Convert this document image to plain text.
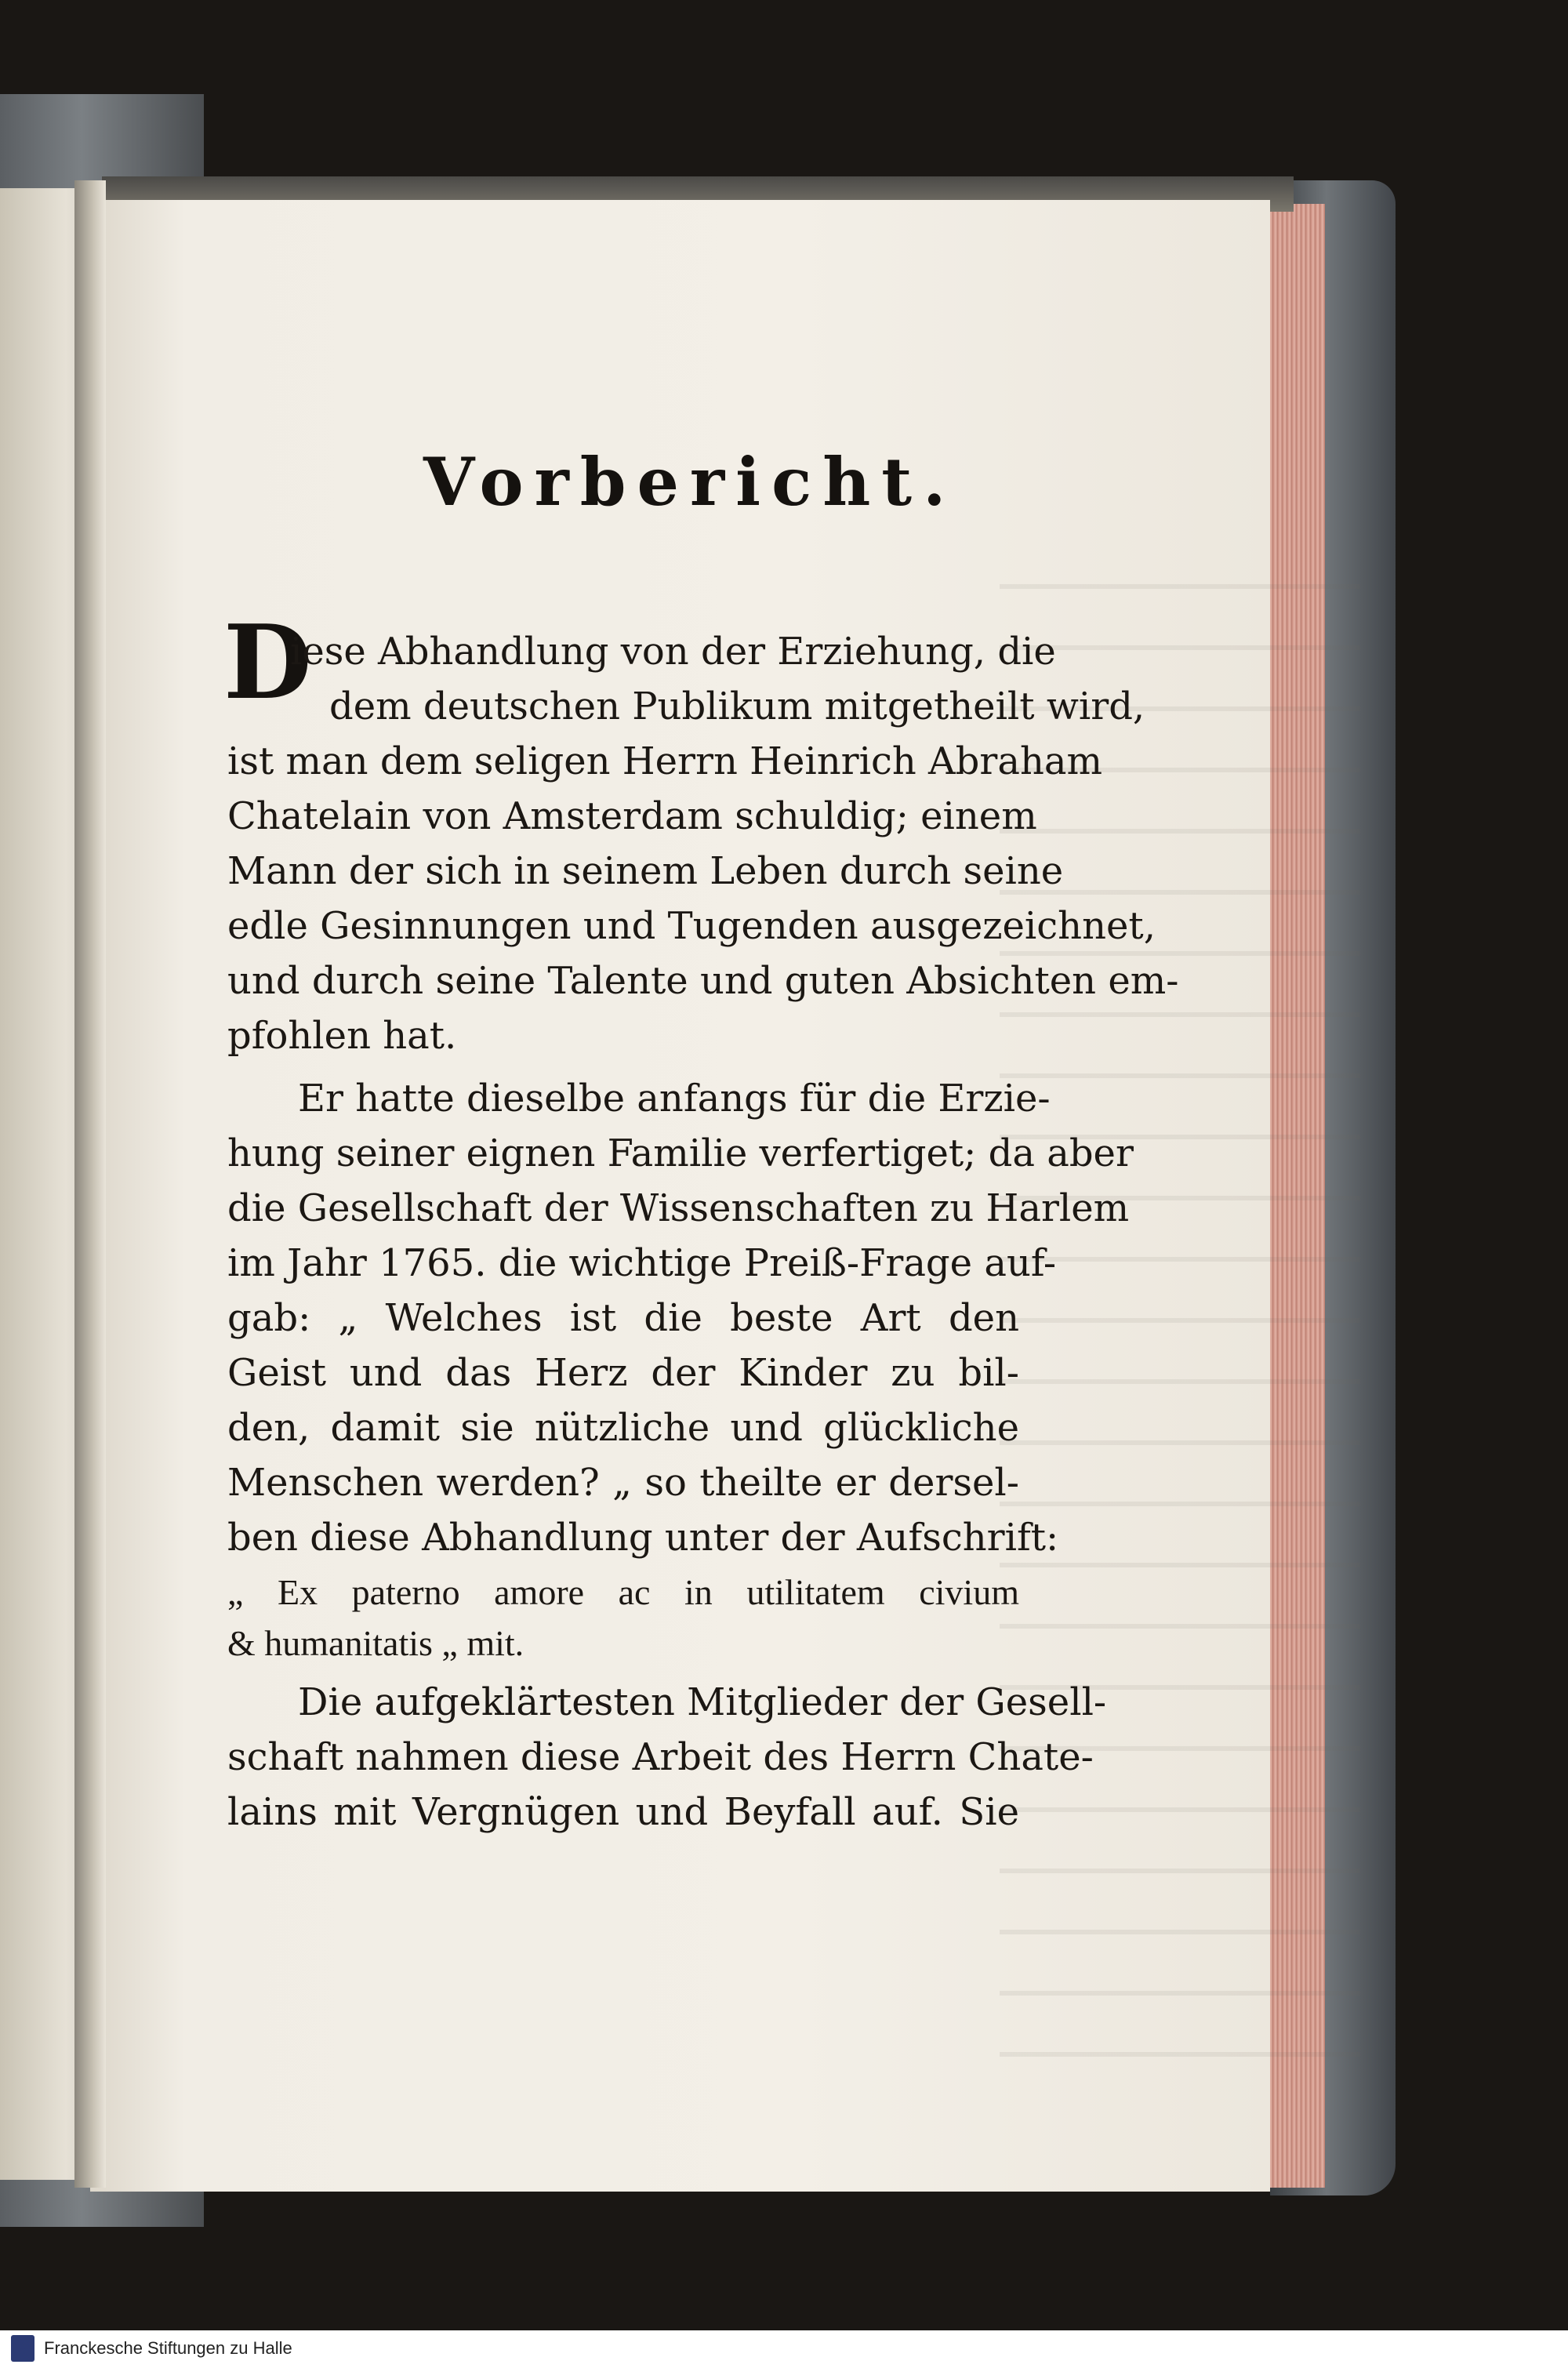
Vorbericht.
D
iese Abhandlung von der Erziehung, die
dem deutschen Publikum mitgetheilt wird,
ist man dem seligen Herrn Heinrich Abraham
Chatelain von Amsterdam schuldig; einem
Mann der sich in seinem Leben durch seine
edle Gesinnungen und Tugenden ausgezeichnet,
und durch seine Talente und guten Absichten em-
pfohlen hat.
Er hatte dieselbe anfangs für die Erzie-
hung seiner eignen Familie verfertiget; da aber
die Gesellschaft der Wissenschaften zu Harlem
im Jahr 1765. die wichtige Preiß-Frage auf-
gab: „ Welches ist die beste Art den
Geist und das Herz der Kinder zu bil-
den, damit sie nützliche und glückliche
Menschen werden? „ so theilte er dersel-
ben diese Abhandlung unter der Aufschrift:
„ Ex paterno amore ac in utilitatem civium
& humanitatis „ mit.
Die aufgeklärtesten Mitglieder der Gesell-
schaft nahmen diese Arbeit des Herrn Chate-
lains mit Vergnügen und Beyfall auf. Sie
Franckesche Stiftungen zu Halle
